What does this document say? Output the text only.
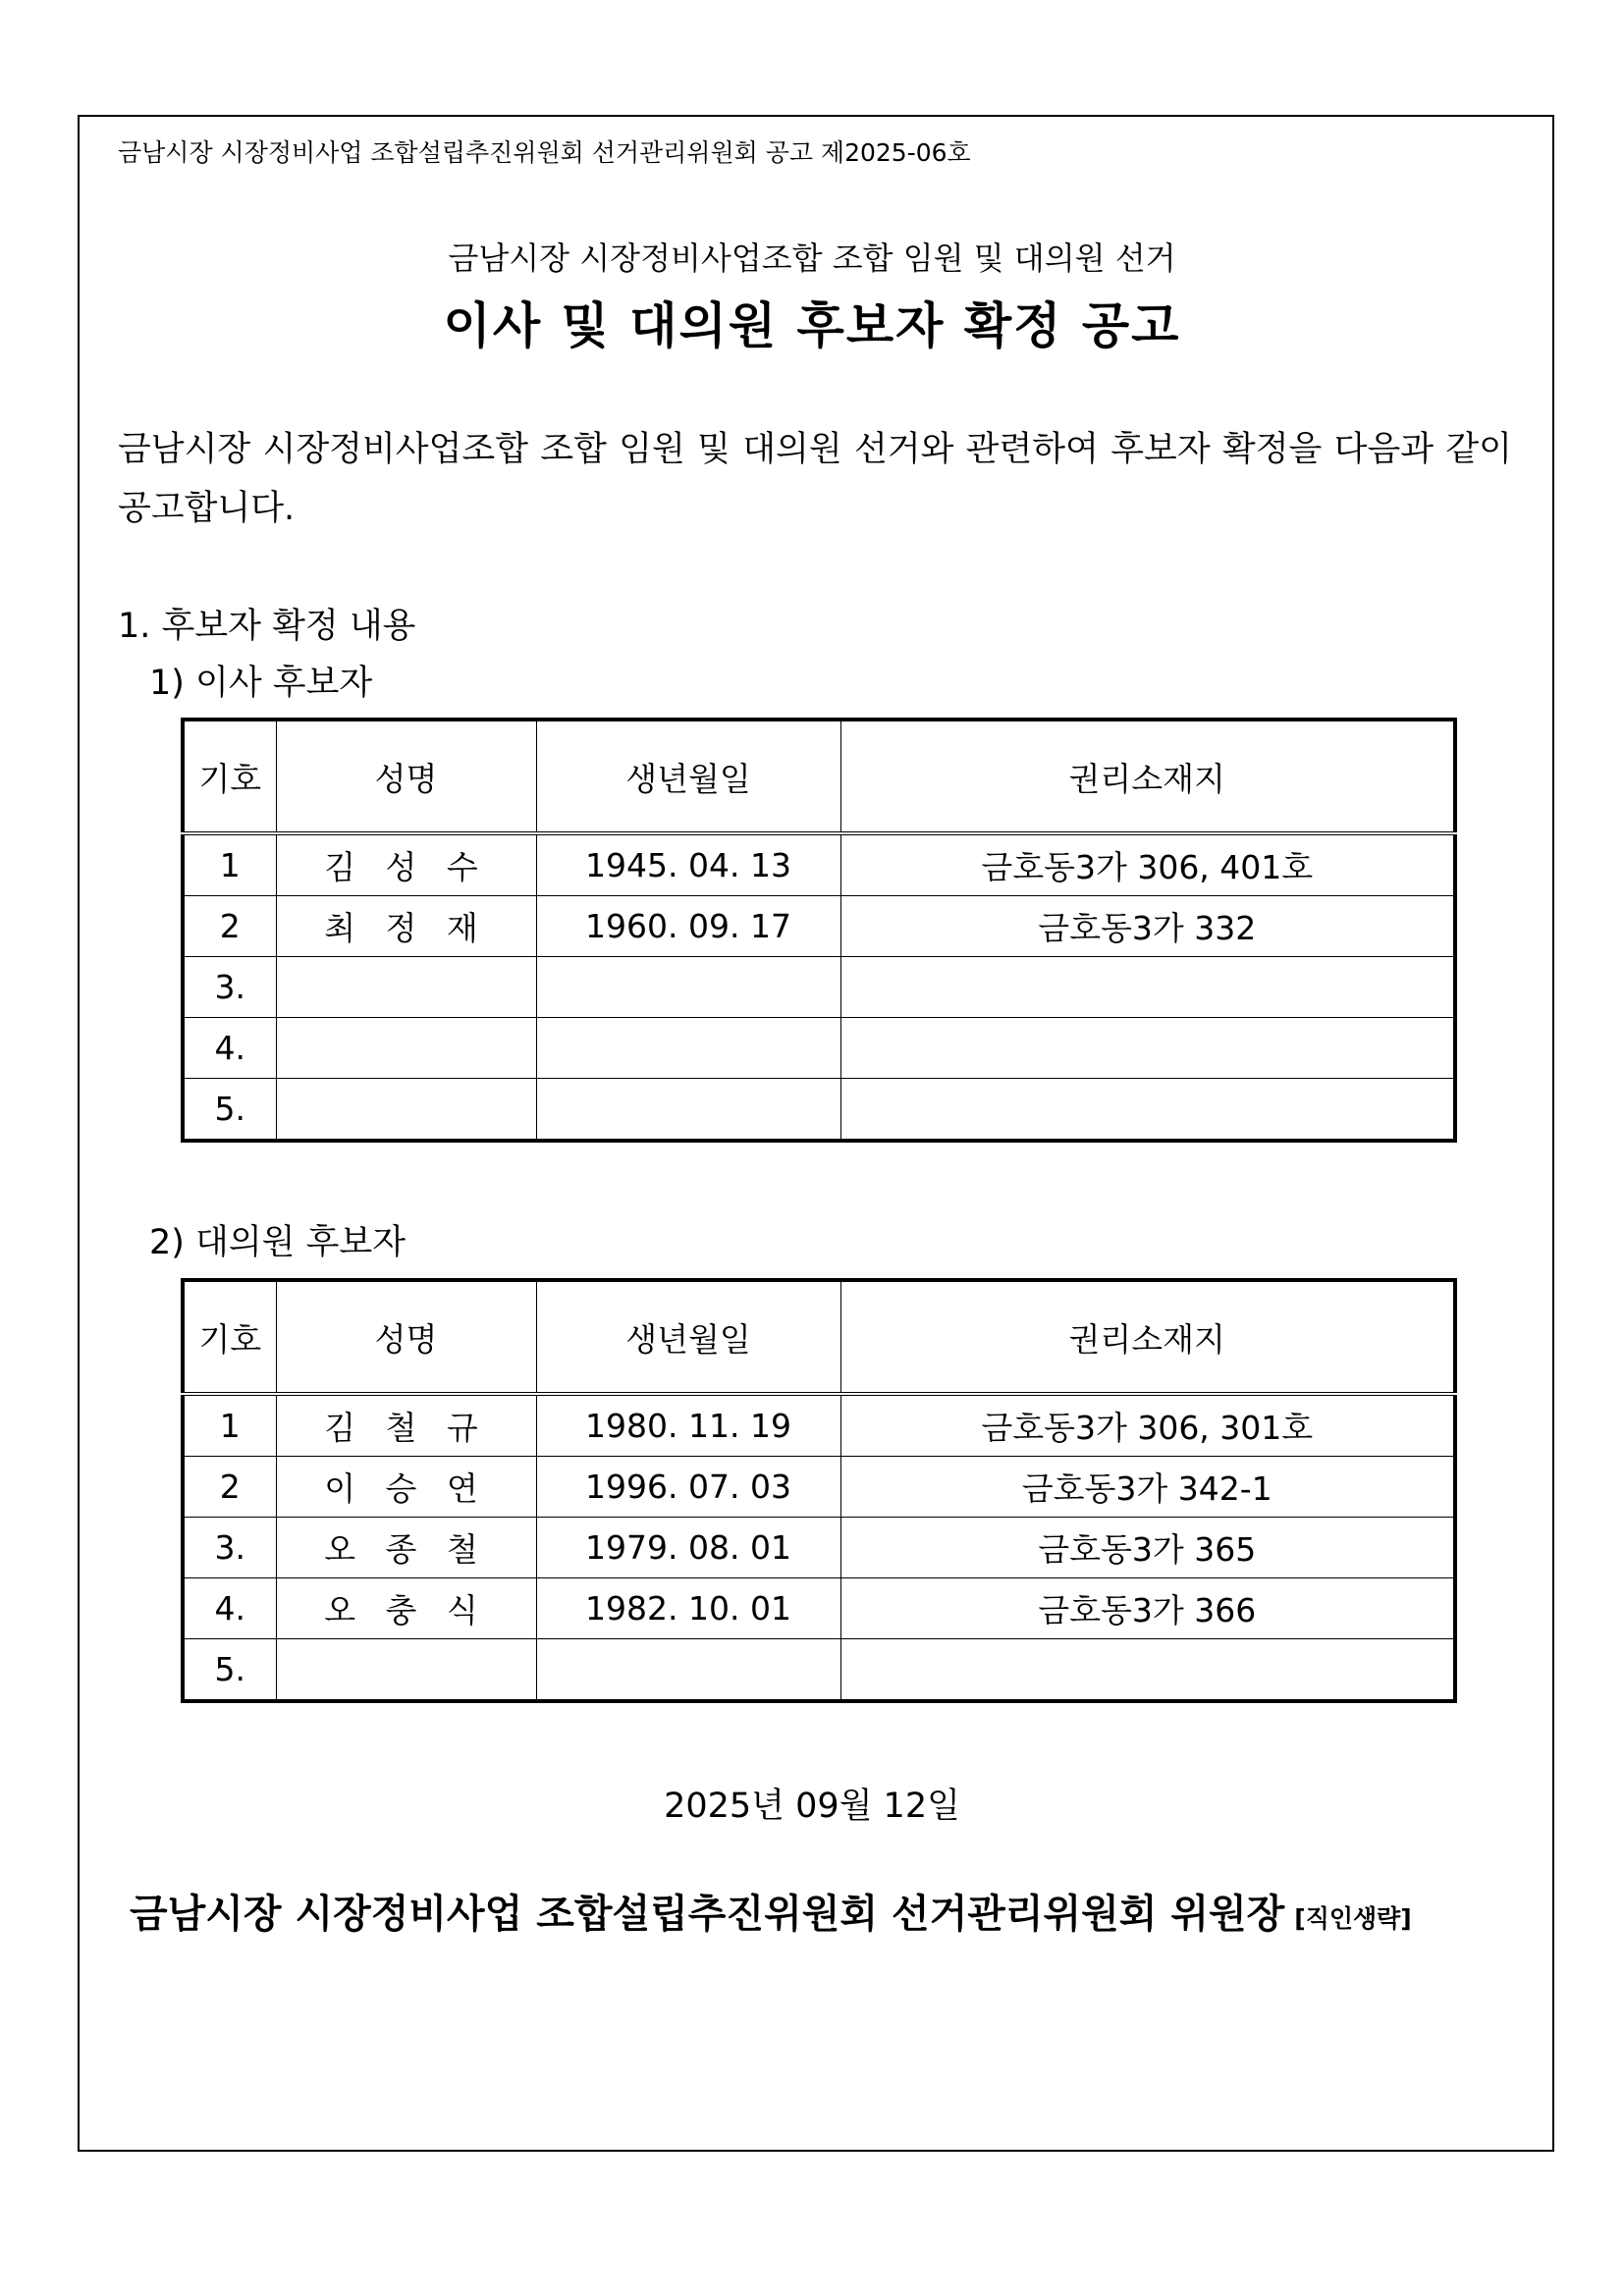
금남시장 시장정비사업 조합설립추진위원회 선거관리위원회 공고 제2025-06호
금남시장 시장정비사업조합 조합 임원 및 대의원 선거
이사 및 대의원 후보자 확정 공고
금남시장 시장정비사업조합 조합 임원 및 대의원 선거와 관련하여 후보자 확정을 다음과 같이 공고합니다.
1. 후보자 확정 내용
1) 이사 후보자
기호	성명	생년월일	권리소재지
1	김 성 수	1945. 04. 13	금호동3가 306, 401호
2	최 정 재	1960. 09. 17	금호동3가 332
3.			
4.			
5.			
2) 대의원 후보자
기호	성명	생년월일	권리소재지
1	김 철 규	1980. 11. 19	금호동3가 306, 301호
2	이 승 연	1996. 07. 03	금호동3가 342-1
3.	오 종 철	1979. 08. 01	금호동3가 365
4.	오 충 식	1982. 10. 01	금호동3가 366
5.			
2025년 09월 12일
금남시장 시장정비사업 조합설립추진위원회 선거관리위원회 위원장 [직인생략]
